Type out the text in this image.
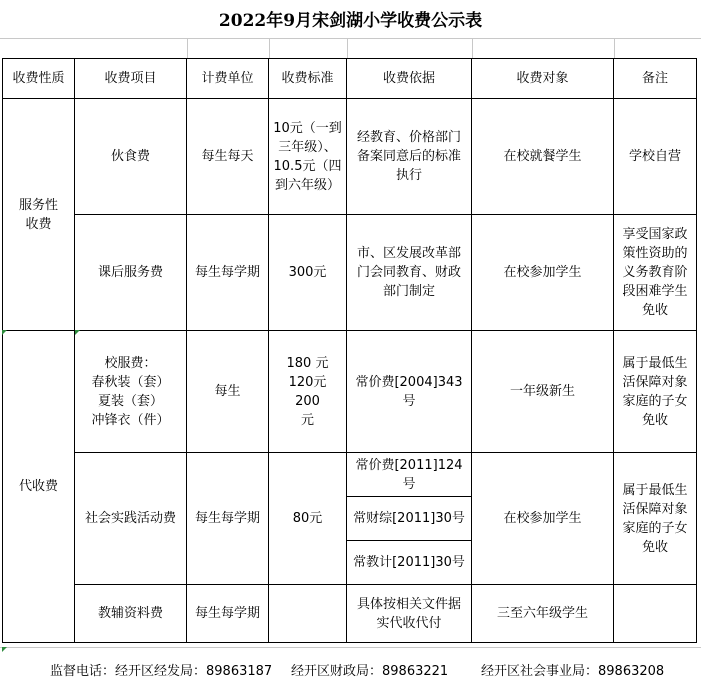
2022年9月宋剑湖小学收费公示表
收费性质	收费项目	计费单位	收费标准	收费依据	收费对象	备注

服务性
收费	伙食费	每生每天	10元（一到
三年级）、
10.5元（四
到六年级）	经教育、价格部门
备案同意后的标准
执行	在校就餐学生	学校自营

	课后服务费	每生每学期	300元	市、区发展改革部
门会同教育、财政
部门制定	在校参加学生	享受国家政
策性资助的
义务教育阶
段困难学生
免收

代收费	校服费：
春秋装（套）
夏装（套）
冲锋衣（件）	每生	180 元
120元　 200
元	常价费[2004]343号	一年级新生	属于最低生
活保障对象
家庭的子女
免收

	社会实践活动费	每生每学期	80元	常价费[2011]124号	在校参加学生	属于最低生
活保障对象
家庭的子女
免收

				常财综[2011]30号		
				常教计[2011]30号		

	教辅资料费	每生每学期		具体按相关文件据
实代收代付	三至六年级学生	

监督电话：经开区经发局：89863187 经开区财政局：89863221	经开区社会事业局：89863208
